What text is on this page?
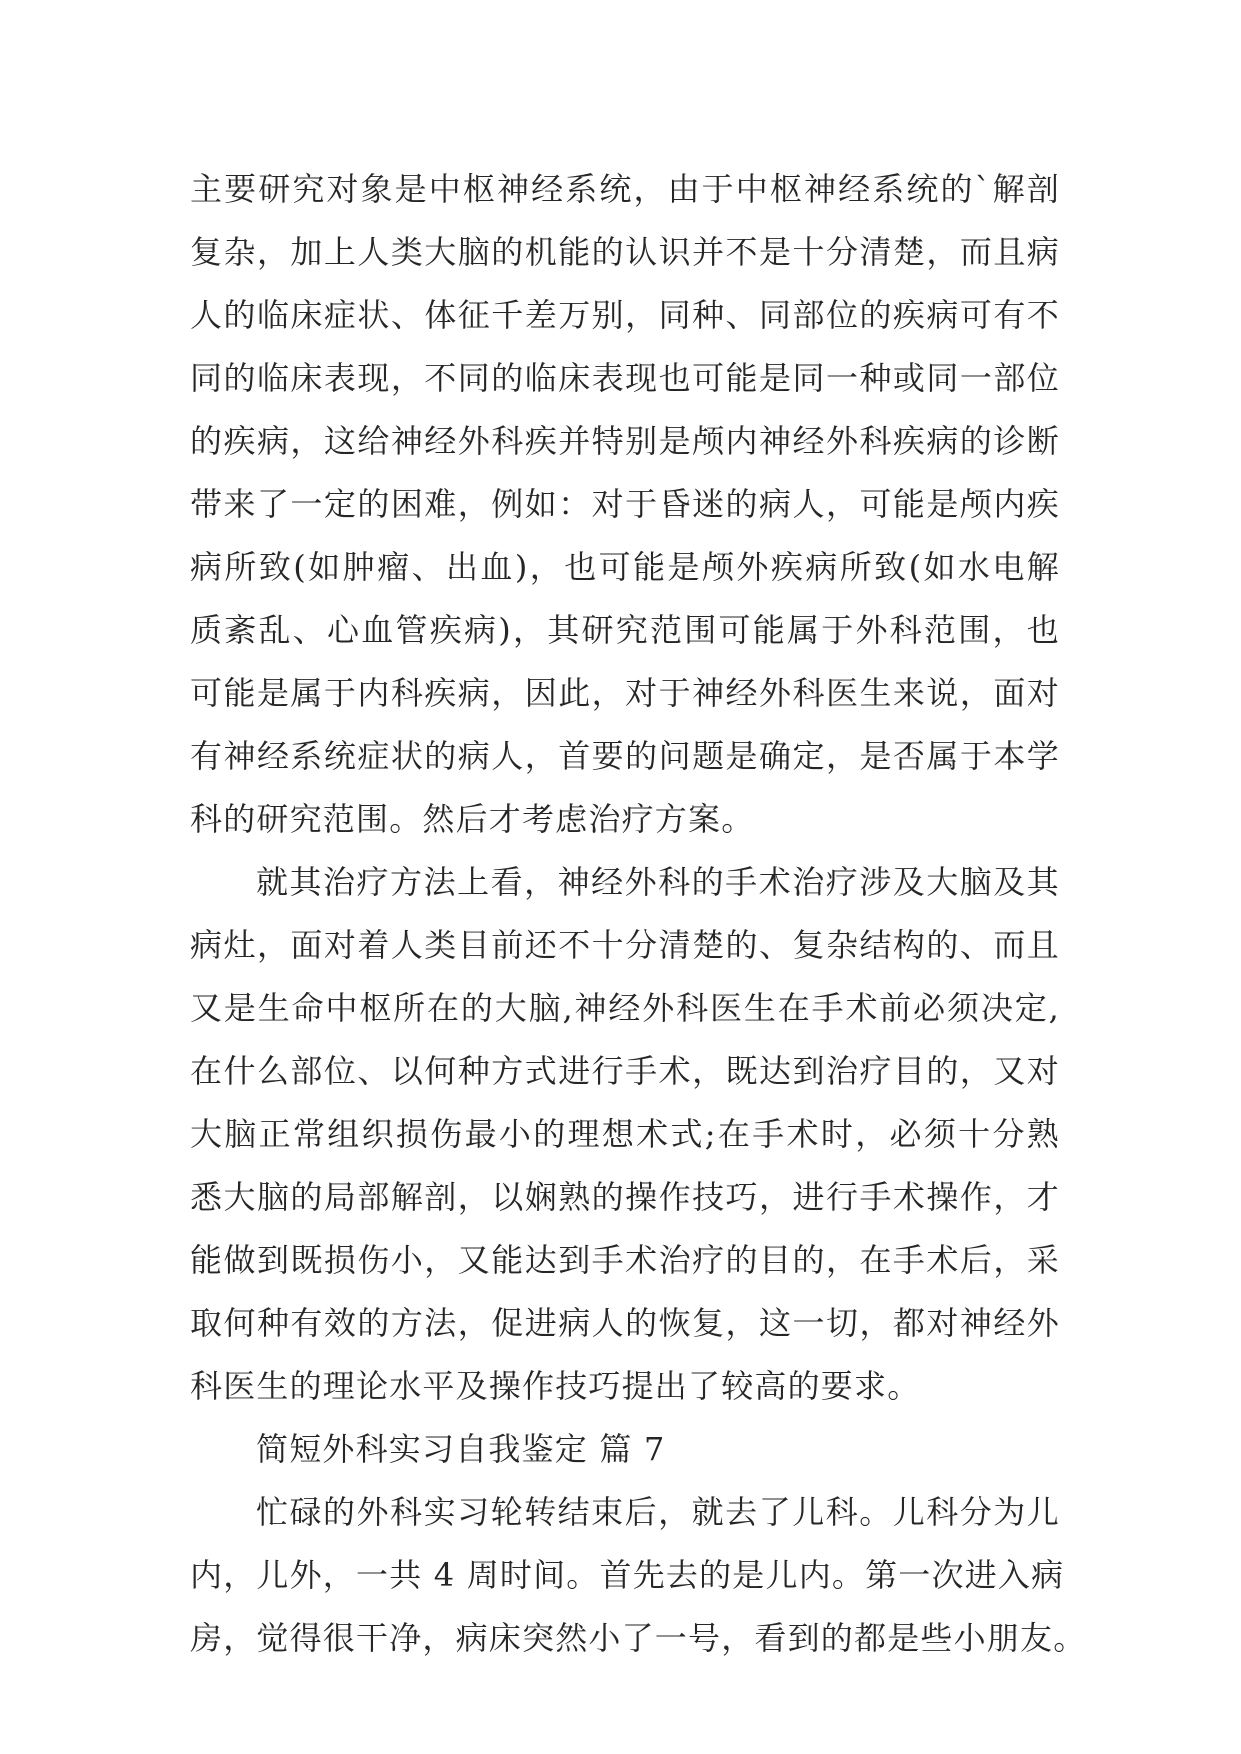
主要研究对象是中枢神经系统，由于中枢神经系统的`解剖
复杂，加上人类大脑的机能的认识并不是十分清楚，而且病
人的临床症状、体征千差万别，同种、同部位的疾病可有不
同的临床表现，不同的临床表现也可能是同一种或同一部位
的疾病，这给神经外科疾并特别是颅内神经外科疾病的诊断
带来了一定的困难，例如：对于昏迷的病人，可能是颅内疾
病所致(如肿瘤、出血)，也可能是颅外疾病所致(如水电解
质紊乱、心血管疾病)，其研究范围可能属于外科范围，也
可能是属于内科疾病，因此，对于神经外科医生来说，面对
有神经系统症状的病人，首要的问题是确定，是否属于本学
科的研究范围。然后才考虑治疗方案。
就其治疗方法上看，神经外科的手术治疗涉及大脑及其
病灶，面对着人类目前还不十分清楚的、复杂结构的、而且
又是生命中枢所在的大脑,神经外科医生在手术前必须决定,
在什么部位、以何种方式进行手术，既达到治疗目的，又对
大脑正常组织损伤最小的理想术式;在手术时，必须十分熟
悉大脑的局部解剖，以娴熟的操作技巧，进行手术操作，才
能做到既损伤小，又能达到手术治疗的目的，在手术后，采
取何种有效的方法，促进病人的恢复，这一切，都对神经外
科医生的理论水平及操作技巧提出了较高的要求。
简短外科实习自我鉴定 篇 7
忙碌的外科实习轮转结束后，就去了儿科。儿科分为儿
内，儿外，一共 4 周时间。首先去的是儿内。第一次进入病
房，觉得很干净，病床突然小了一号，看到的都是些小朋友。
